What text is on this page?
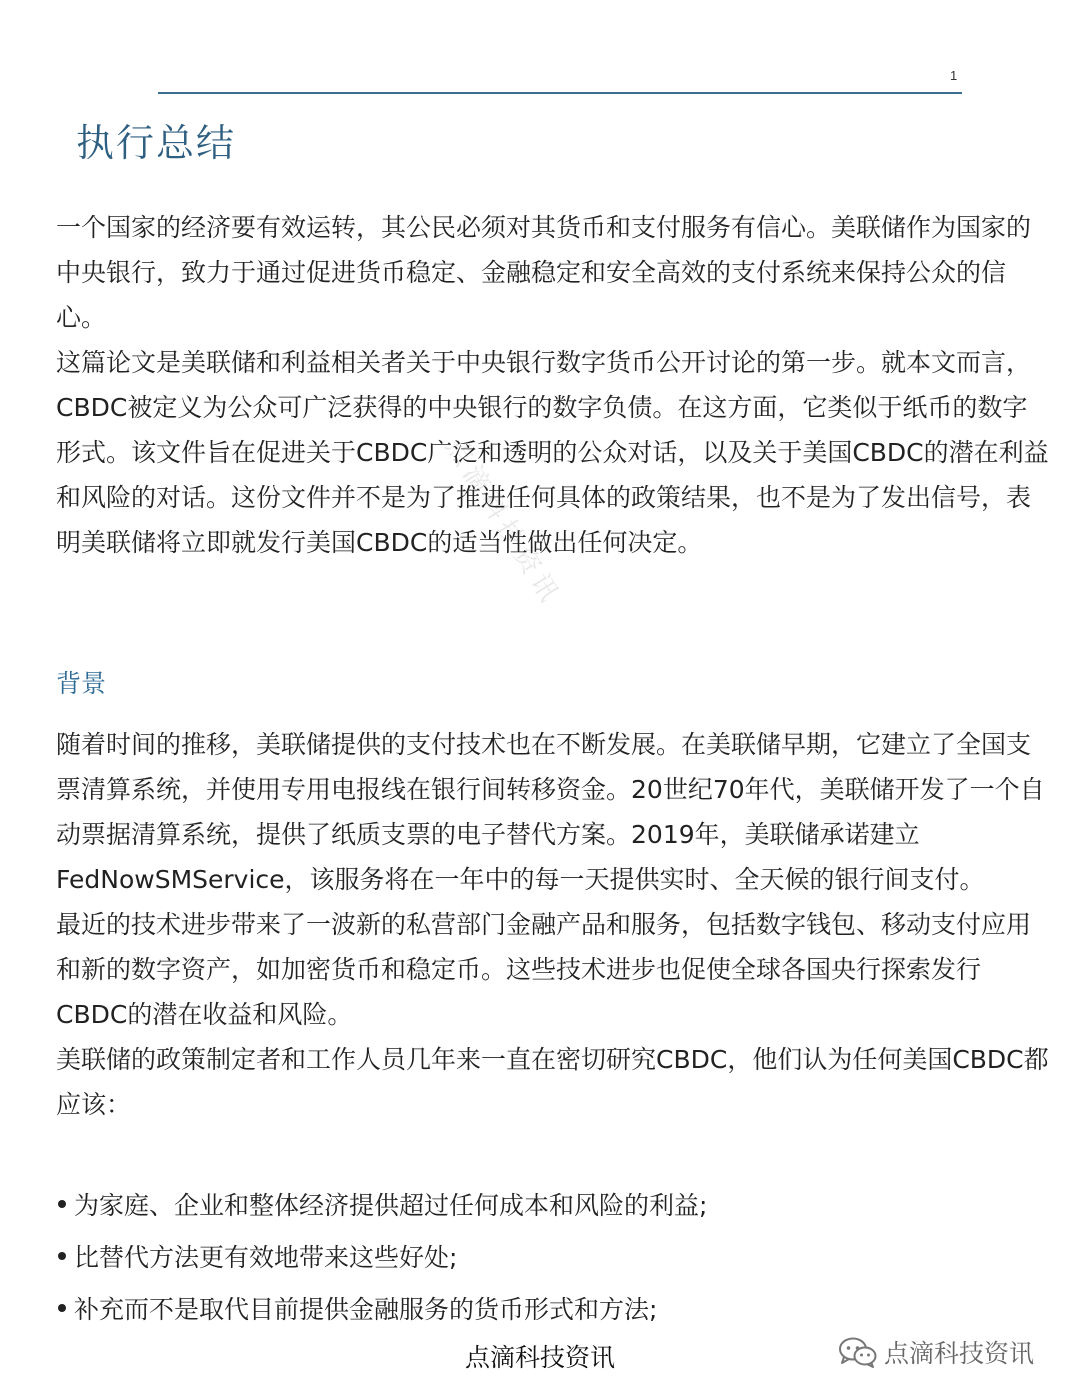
1
执行总结
点滴科技资讯

一个国家的经济要有效运转，其公民必须对其货币和支付服务有信心。美联储作为国家的中央银行，致力于通过促进货币稳定、金融稳定和安全高效的支付系统来保持公众的信心。

这篇论文是美联储和利益相关者关于中央银行数字货币公开讨论的第一步。就本文而言，CBDC被定义为公众可广泛获得的中央银行的数字负债。在这方面，它类似于纸币的数字形式。该文件旨在促进关于CBDC广泛和透明的公众对话，以及关于美国CBDC的潜在利益和风险的对话。这份文件并不是为了推进任何具体的政策结果，也不是为了发出信号，表明美联储将立即就发行美国CBDC的适当性做出任何决定。

背景

随着时间的推移，美联储提供的支付技术也在不断发展。在美联储早期，它建立了全国支票清算系统，并使用专用电报线在银行间转移资金。20世纪70年代，美联储开发了一个自动票据清算系统，提供了纸质支票的电子替代方案。2019年，美联储承诺建立FedNowSMService，该服务将在一年中的每一天提供实时、全天候的银行间支付。

最近的技术进步带来了一波新的私营部门金融产品和服务，包括数字钱包、移动支付应用和新的数字资产，如加密货币和稳定币。这些技术进步也促使全球各国央行探索发行CBDC的潜在收益和风险。

美联储的政策制定者和工作人员几年来一直在密切研究CBDC，他们认为任何美国CBDC都应该：

为家庭、企业和整体经济提供超过任何成本和风险的利益;
比替代方法更有效地带来这些好处;
补充而不是取代目前提供金融服务的货币形式和方法;
点滴科技资讯	点滴科技资讯
